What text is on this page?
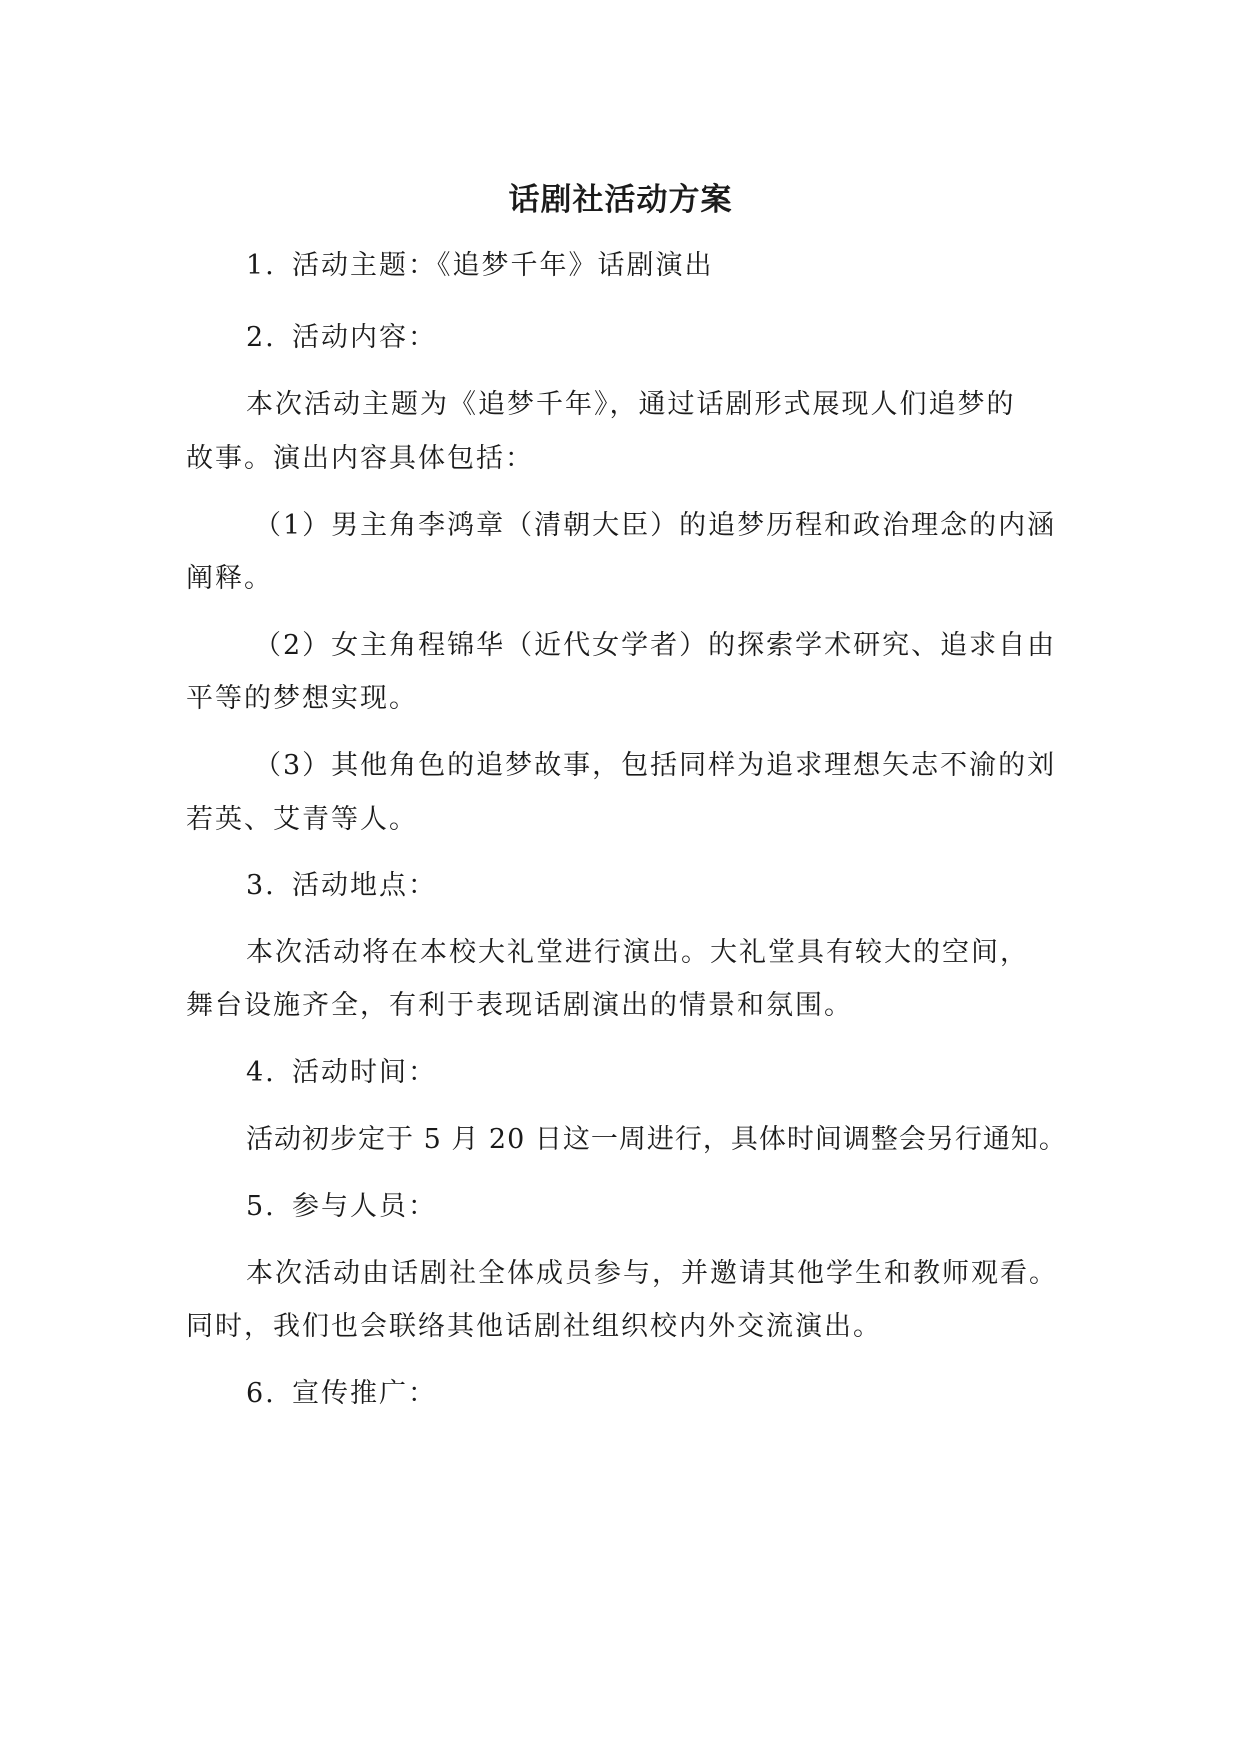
话剧社活动方案
1. 活动主题：《追梦千年》话剧演出
2. 活动内容：
本次活动主题为《追梦千年》，通过话剧形式展现人们追梦的
故事。演出内容具体包括：
（1）男主角李鸿章（清朝大臣）的追梦历程和政治理念的内涵
阐释。
（2）女主角程锦华（近代女学者）的探索学术研究、追求自由
平等的梦想实现。
（3）其他角色的追梦故事，包括同样为追求理想矢志不渝的刘
若英、艾青等人。
3. 活动地点：
本次活动将在本校大礼堂进行演出。大礼堂具有较大的空间，
舞台设施齐全，有利于表现话剧演出的情景和氛围。
4. 活动时间：
活动初步定于 5 月 20 日这一周进行，具体时间调整会另行通知。
5. 参与人员：
本次活动由话剧社全体成员参与，并邀请其他学生和教师观看。
同时，我们也会联络其他话剧社组织校内外交流演出。
6. 宣传推广：
